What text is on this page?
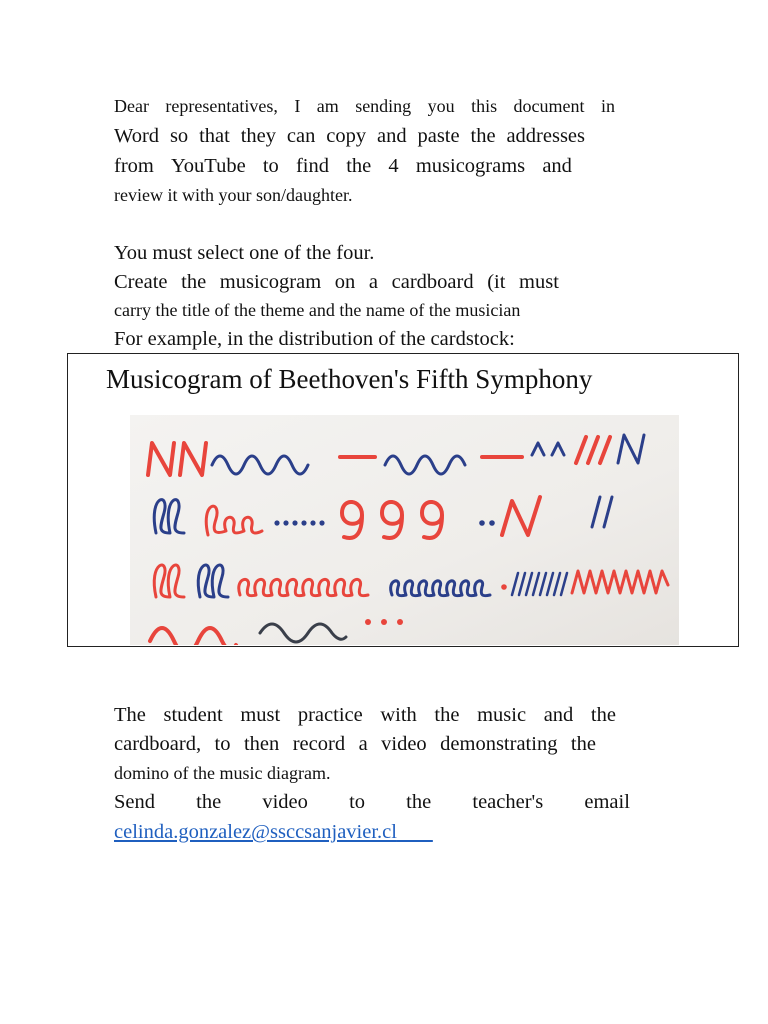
Dear representatives, I am sending you this document in
Word so that they can copy and paste the addresses
from YouTube to find the 4 musicograms and
review it with your son/daughter.
You must select one of the four.
Create the musicogram on a cardboard (it must
carry the title of the theme and the name of the musician
For example, in the distribution of the cardstock:
Musicogram of Beethoven's Fifth Symphony
The student must practice with the music and the
cardboard, to then record a video demonstrating the
domino of the music diagram.
Send the video to the teacher's email
celinda.gonzalez@ssccsanjavier.cl
